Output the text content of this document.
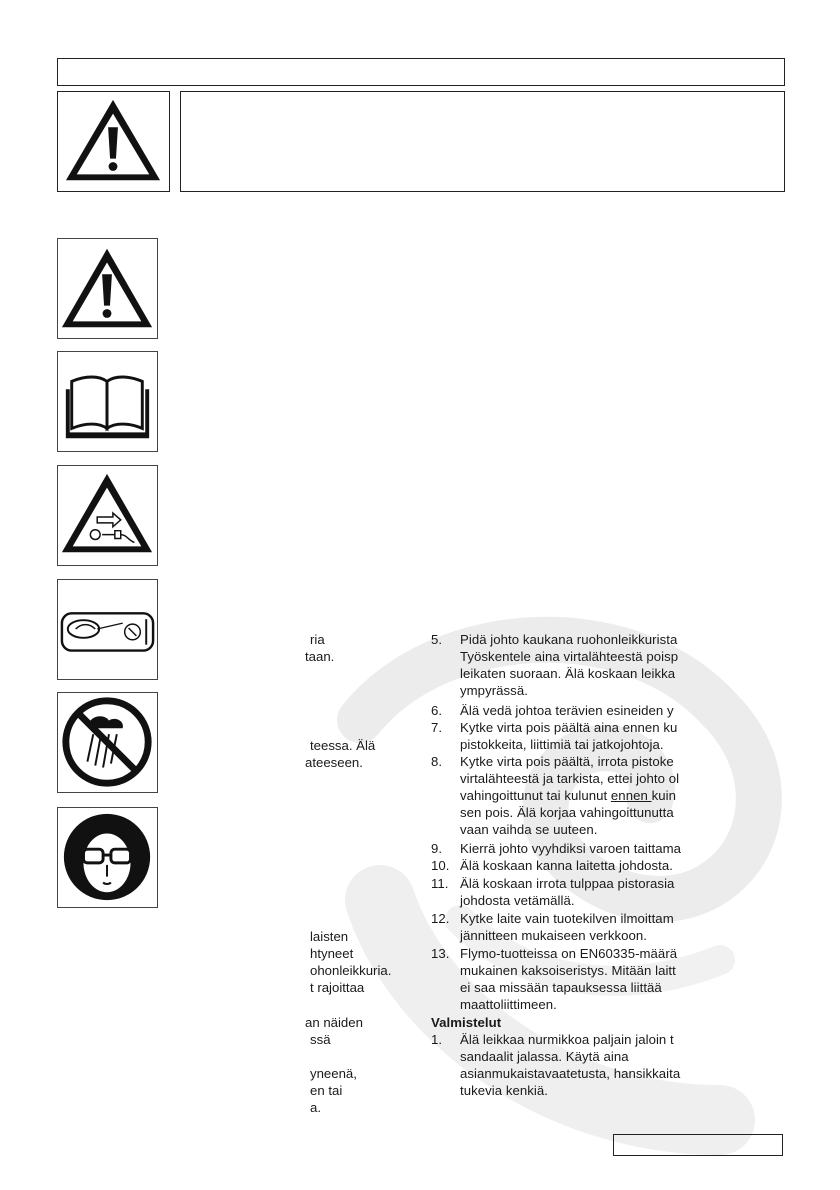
ria
taan.
teessa. Älä
ateeseen.
laisten
htyneet
ohonleikkuria.
t rajoittaa
an näiden
ssä
yneenä,
en tai
a.
5. Pidä johto kaukana ruohonleikkurista
Työskentele aina virtalähteestä poisp
leikaten suoraan. Älä koskaan leikka
ympyrässä.
6. Älä vedä johtoa terävien esineiden y
7. Kytke virta pois päältä aina ennen ku
pistokkeita, liittimiä tai jatkojohtoja.
8. Kytke virta pois päältä, irrota pistoke
virtalähteestä ja tarkista, ettei johto ol
vahingoittunut tai kulunut ennen kuin
sen pois. Älä korjaa vahingoittunutta
vaan vaihda se uuteen.
9. Kierrä johto vyyhdiksi varoen taittama
10. Älä koskaan kanna laitetta johdosta.
11. Älä koskaan irrota tulppaa pistorasia
johdosta vetämällä.
12. Kytke laite vain tuotekilven ilmoittam
jännitteen mukaiseen verkkoon.
13. Flymo-tuotteissa on EN60335-määrä
mukainen kaksoiseristys. Mitään laitt
ei saa missään tapauksessa liittää
maattoliittimeen.
Valmistelut
1. Älä leikkaa nurmikkoa paljain jaloin t
sandaalit jalassa. Käytä aina
asianmukaistavaatetusta, hansikkaita
tukevia kenkiä.
